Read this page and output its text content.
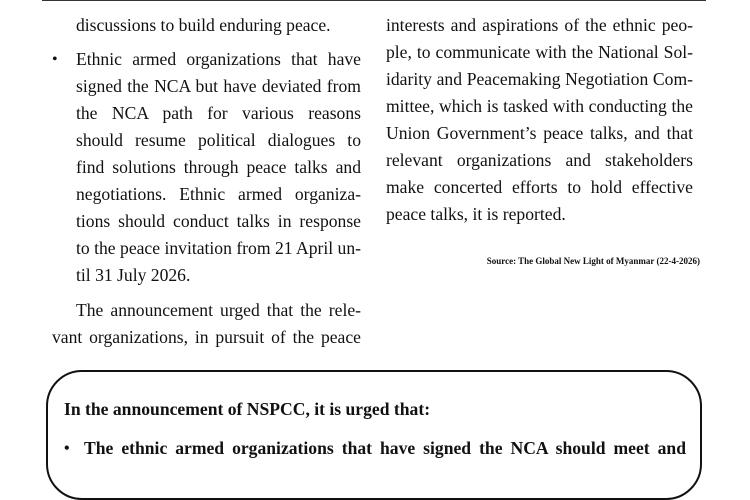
discussions to build enduring peace.
• Ethnic armed organizations that have
signed the NCA but have deviated from
the NCA path for various reasons
should resume political dialogues to
find solutions through peace talks and
negotiations. Ethnic armed organiza-
tions should conduct talks in response
to the peace invitation from 21 April un-
til 31 July 2026.
The announcement urged that the rele-
vant organizations, in pursuit of the peace
interests and aspirations of the ethnic peo-
ple, to communicate with the National Sol-
idarity and Peacemaking Negotiation Com-
mittee, which is tasked with conducting the
Union Government’s peace talks, and that
relevant organizations and stakeholders
make concerted efforts to hold effective
peace talks, it is reported.
Source: The Global New Light of Myanmar (22-4-2026)
In the announcement of NSPCC, it is urged that:
• The ethnic armed organizations that have signed the NCA should meet and
